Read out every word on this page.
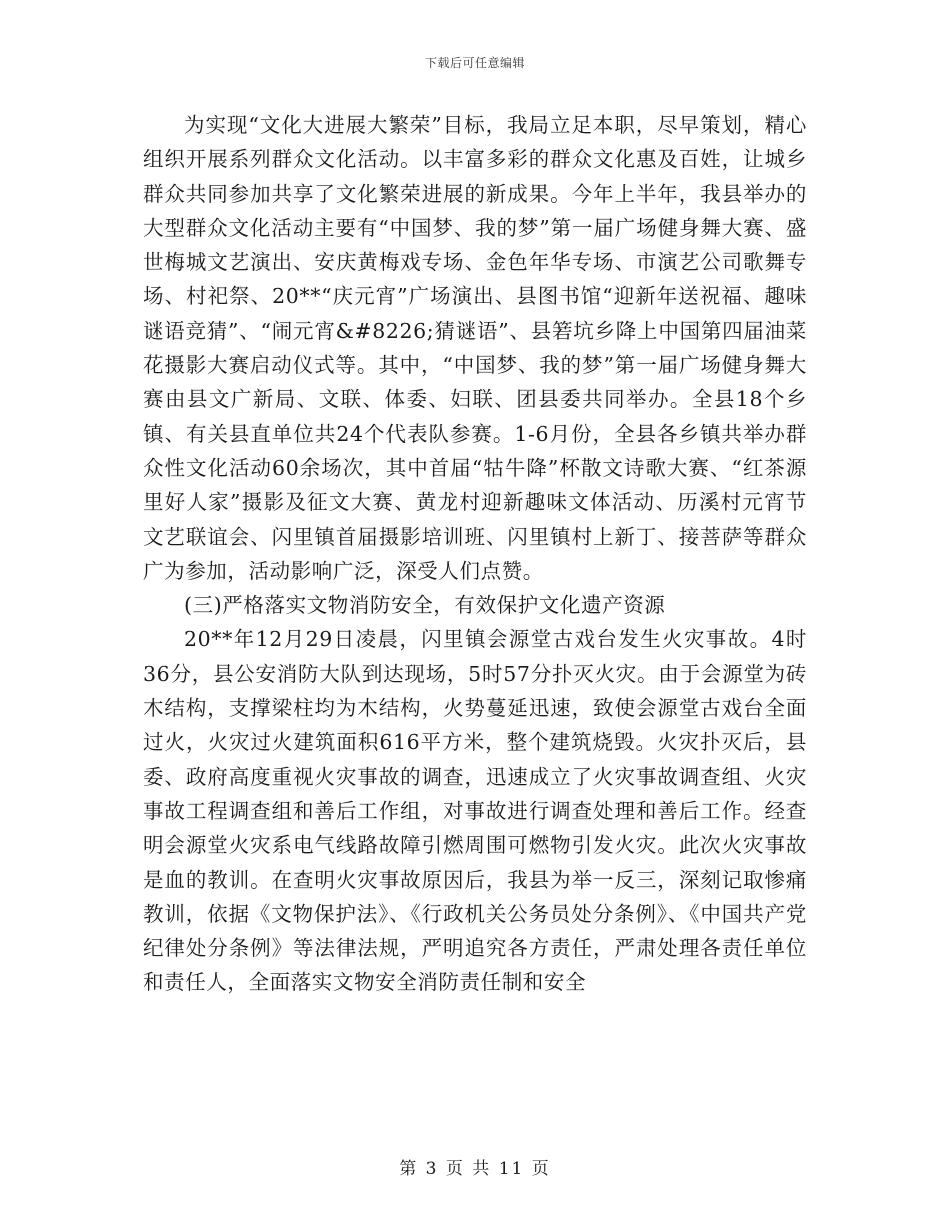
下载后可任意编辑

为实现“文化大进展大繁荣”目标，我局立足本职，尽早策划，精心组织开展系列群众文化活动。以丰富多彩的群众文化惠及百姓，让城乡群众共同参加共享了文化繁荣进展的新成果。今年上半年，我县举办的大型群众文化活动主要有“中国梦、我的梦”第一届广场健身舞大赛、盛世梅城文艺演出、安庆黄梅戏专场、金色年华专场、市演艺公司歌舞专场、村祀祭、20**“庆元宵”广场演出、县图书馆“迎新年送祝福、趣味谜语竞猜”、“闹元宵&#8226;猜谜语”、县箬坑乡降上中国第四届油菜花摄影大赛启动仪式等。其中，“中国梦、我的梦”第一届广场健身舞大赛由县文广新局、文联、体委、妇联、团县委共同举办。全县18个乡镇、有关县直单位共24个代表队参赛。1-6月份，全县各乡镇共举办群众性文化活动60余场次，其中首届“牯牛降”杯散文诗歌大赛、“红茶源里好人家”摄影及征文大赛、黄龙村迎新趣味文体活动、历溪村元宵节文艺联谊会、闪里镇首届摄影培训班、闪里镇村上新丁、接菩萨等群众广为参加，活动影响广泛，深受人们点赞。

(三)严格落实文物消防安全，有效保护文化遗产资源

20**年12月29日凌晨，闪里镇会源堂古戏台发生火灾事故。4时36分，县公安消防大队到达现场，5时57分扑灭火灾。由于会源堂为砖木结构，支撑梁柱均为木结构，火势蔓延迅速，致使会源堂古戏台全面过火，火灾过火建筑面积616平方米，整个建筑烧毁。火灾扑灭后，县委、政府高度重视火灾事故的调查，迅速成立了火灾事故调查组、火灾事故工程调查组和善后工作组，对事故进行调查处理和善后工作。经查明会源堂火灾系电气线路故障引燃周围可燃物引发火灾。此次火灾事故是血的教训。在查明火灾事故原因后，我县为举一反三，深刻记取惨痛教训，依据《文物保护法》、《行政机关公务员处分条例》、《中国共产党纪律处分条例》等法律法规，严明追究各方责任，严肃处理各责任单位和责任人，全面落实文物安全消防责任制和安全

第 3 页 共 11 页
